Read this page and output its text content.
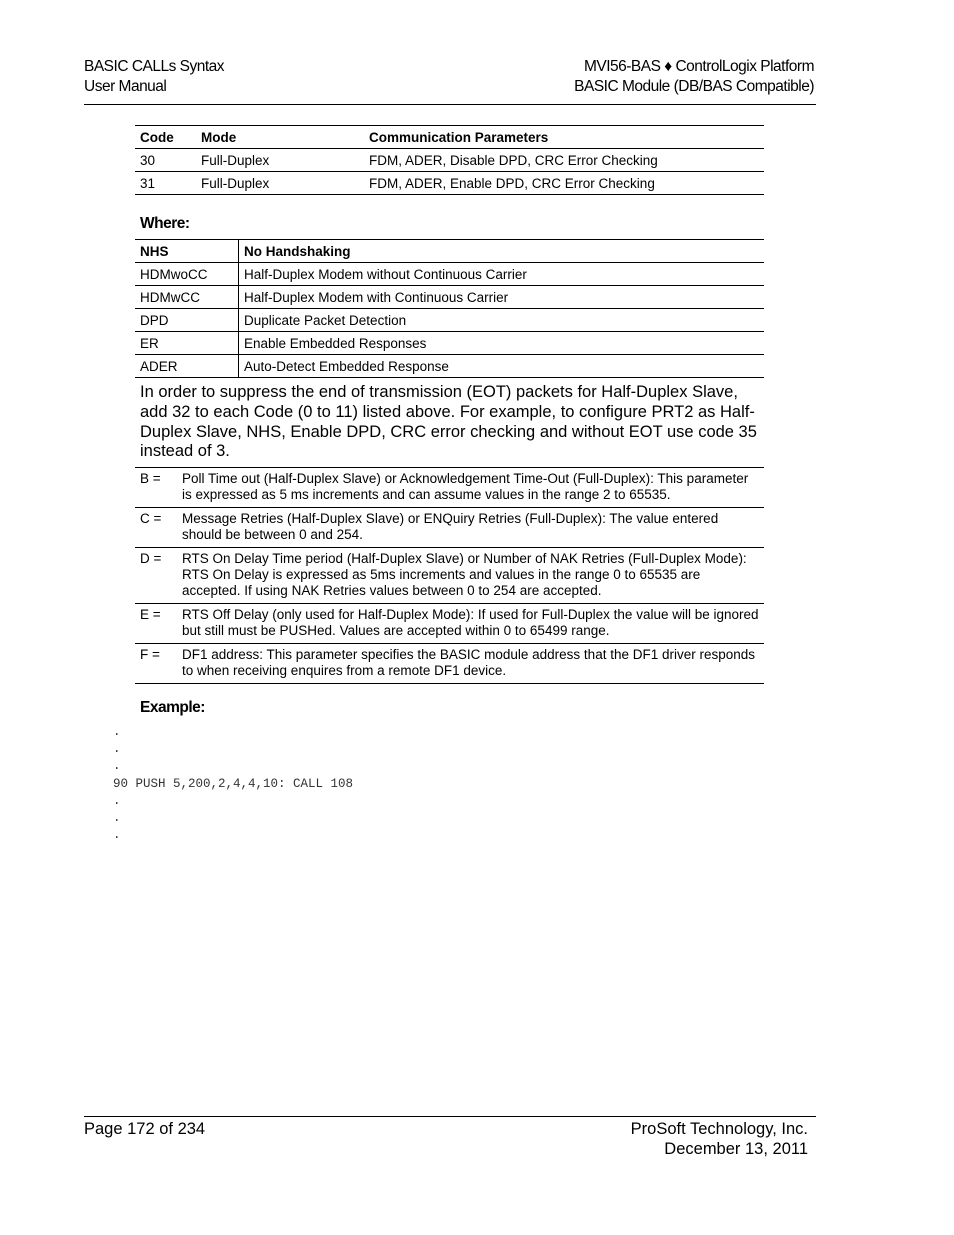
BASIC CALLs Syntax
User Manual
MVI56-BAS ♦ ControlLogix Platform
BASIC Module (DB/BAS Compatible)
Code	Mode	Communication Parameters
30	Full-Duplex	FDM, ADER, Disable DPD, CRC Error Checking
31	Full-Duplex	FDM, ADER, Enable DPD, CRC Error Checking
Where:
NHS	No Handshaking
HDMwoCC	Half-Duplex Modem without Continuous Carrier
HDMwCC	Half-Duplex Modem with Continuous Carrier
DPD	Duplicate Packet Detection
ER	Enable Embedded Responses
ADER	Auto-Detect Embedded Response
In order to suppress the end of transmission (EOT) packets for Half-Duplex Slave, add 32 to each Code (0 to 11) listed above. For example, to configure PRT2 as Half-Duplex Slave, NHS, Enable DPD, CRC error checking and without EOT use code 35 instead of 3.
B =	Poll Time out (Half-Duplex Slave) or Acknowledgement Time-Out (Full-Duplex): This parameter is expressed as 5 ms increments and can assume values in the range 2 to 65535.
C =	Message Retries (Half-Duplex Slave) or ENQuiry Retries (Full-Duplex): The value entered should be between 0 and 254.
D =	RTS On Delay Time period (Half-Duplex Slave) or Number of NAK Retries (Full-Duplex Mode): RTS On Delay is expressed as 5ms increments and values in the range 0 to 65535 are accepted. If using NAK Retries values between 0 to 254 are accepted.
E =	RTS Off Delay (only used for Half-Duplex Mode): If used for Full-Duplex the value will be ignored but still must be PUSHed. Values are accepted within 0 to 65499 range.
F =	DF1 address: This parameter specifies the BASIC module address that the DF1 driver responds to when receiving enquires from a remote DF1 device.
Example:
.
.
.
90 PUSH 5,200,2,4,4,10: CALL 108
.
.
.
Page 172 of 234	ProSoft Technology, Inc.
December 13, 2011
